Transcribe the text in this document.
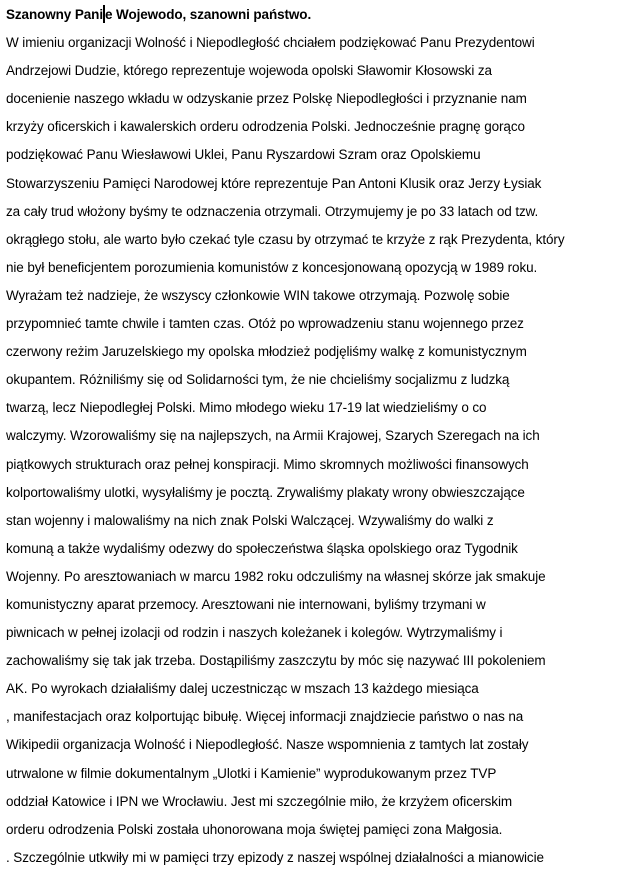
Szanowny Pani e Wojewodo, szanowni państwo.

W imieniu organizacji Wolność i Niepodległość chciałem podziękować Panu Prezydentowi

Andrzejowi Dudzie, którego reprezentuje wojewoda opolski Sławomir Kłosowski za

docenienie naszego wkładu w odzyskanie przez Polskę Niepodległości i przyznanie nam

krzyży oficerskich i kawalerskich orderu odrodzenia Polski. Jednocześnie pragnę gorąco

podziękować Panu Wiesławowi Uklei, Panu Ryszardowi Szram oraz Opolskiemu

Stowarzyszeniu Pamięci Narodowej które reprezentuje Pan Antoni Klusik oraz Jerzy Łysiak

za cały trud włożony byśmy te odznaczenia otrzymali. Otrzymujemy je po 33 latach od tzw.

okrągłego stołu, ale warto było czekać tyle czasu by otrzymać te krzyże z rąk Prezydenta, który

nie był beneficjentem porozumienia komunistów z koncesjonowaną opozycją w 1989 roku.

Wyrażam też nadzieje, że wszyscy członkowie WIN takowe otrzymają. Pozwolę sobie

przypomnieć tamte chwile i tamten czas. Otóż po wprowadzeniu stanu wojennego przez

czerwony reżim Jaruzelskiego my opolska młodzież podjęliśmy walkę z komunistycznym

okupantem. Różniliśmy się od Solidarności tym, że nie chcieliśmy socjalizmu z ludzką

twarzą, lecz Niepodległej Polski. Mimo młodego wieku 17-19 lat wiedzieliśmy o co

walczymy. Wzorowaliśmy się na najlepszych, na Armii Krajowej, Szarych Szeregach na ich

piątkowych strukturach oraz pełnej konspiracji. Mimo skromnych możliwości finansowych

kolportowaliśmy ulotki, wysyłaliśmy je pocztą. Zrywaliśmy plakaty wrony obwieszczające

stan wojenny i malowaliśmy na nich znak Polski Walczącej. Wzywaliśmy do walki z

komuną a także wydaliśmy odezwy do społeczeństwa śląska opolskiego oraz Tygodnik

Wojenny. Po aresztowaniach w marcu 1982 roku odczuliśmy na własnej skórze jak smakuje

komunistyczny aparat przemocy. Aresztowani nie internowani, byliśmy trzymani w

piwnicach w pełnej izolacji od rodzin i naszych koleżanek i kolegów. Wytrzymaliśmy i

zachowaliśmy się tak jak trzeba. Dostąpiliśmy zaszczytu by móc się nazywać III pokoleniem

AK. Po wyrokach działaliśmy dalej uczestnicząc w mszach 13 każdego miesiąca

, manifestacjach oraz kolportując bibułę. Więcej informacji znajdziecie państwo o nas na

Wikipedii organizacja Wolność i Niepodległość. Nasze wspomnienia z tamtych lat zostały

utrwalone w filmie dokumentalnym „Ulotki i Kamienie” wyprodukowanym przez TVP

oddział Katowice i IPN we Wrocławiu. Jest mi szczególnie miło, że krzyżem oficerskim

orderu odrodzenia Polski została uhonorowana moja świętej pamięci zona Małgosia.

. Szczególnie utkwiły mi w pamięci trzy epizody z naszej wspólnej działalności a mianowicie
